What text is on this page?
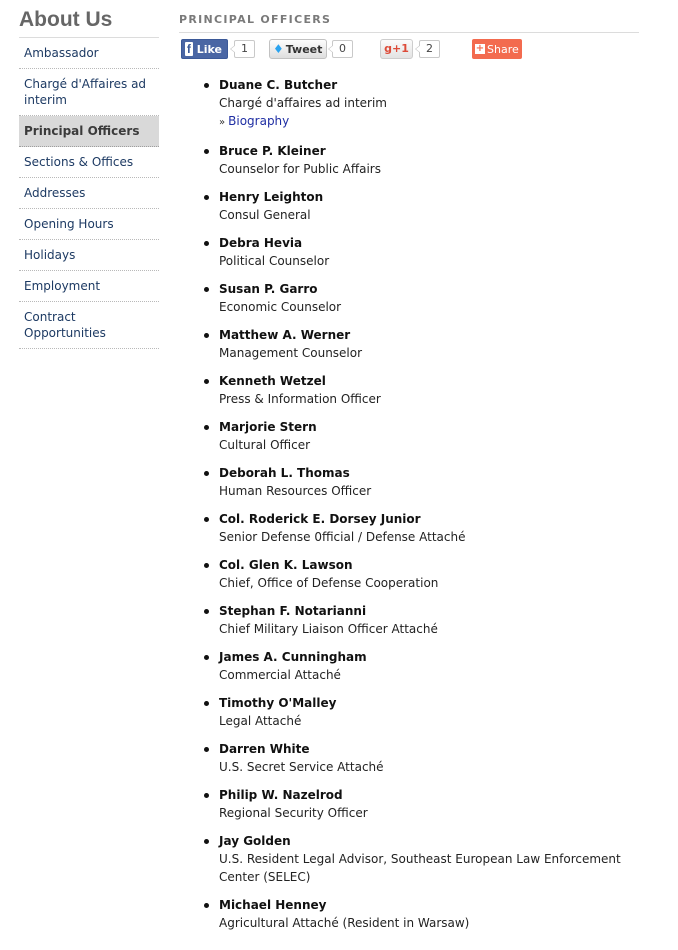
About Us
Ambassador
Chargé d'Affaires ad interim
Principal Officers
Sections & Offices
Addresses
Opening Hours
Holidays
Employment
Contract Opportunities
PRINCIPAL OFFICERS
f Like	1	♦ Tweet	0	g+1	2	+ Share
Duane C. Butcher
Chargé d'affaires ad interim
» Biography
Bruce P. Kleiner
Counselor for Public Affairs
Henry Leighton
Consul General
Debra Hevia
Political Counselor
Susan P. Garro
Economic Counselor
Matthew A. Werner
Management Counselor
Kenneth Wetzel
Press & Information Officer
Marjorie Stern
Cultural Officer
Deborah L. Thomas
Human Resources Officer
Col. Roderick E. Dorsey Junior
Senior Defense 0fficial / Defense Attaché
Col. Glen K. Lawson
Chief, Office of Defense Cooperation
Stephan F. Notarianni
Chief Military Liaison Officer Attaché
James A. Cunningham
Commercial Attaché
Timothy O'Malley
Legal Attaché
Darren White
U.S. Secret Service Attaché
Philip W. Nazelrod
Regional Security Officer
Jay Golden
U.S. Resident Legal Advisor, Southeast European Law Enforcement Center (SELEC)
Michael Henney
Agricultural Attaché (Resident in Warsaw)
